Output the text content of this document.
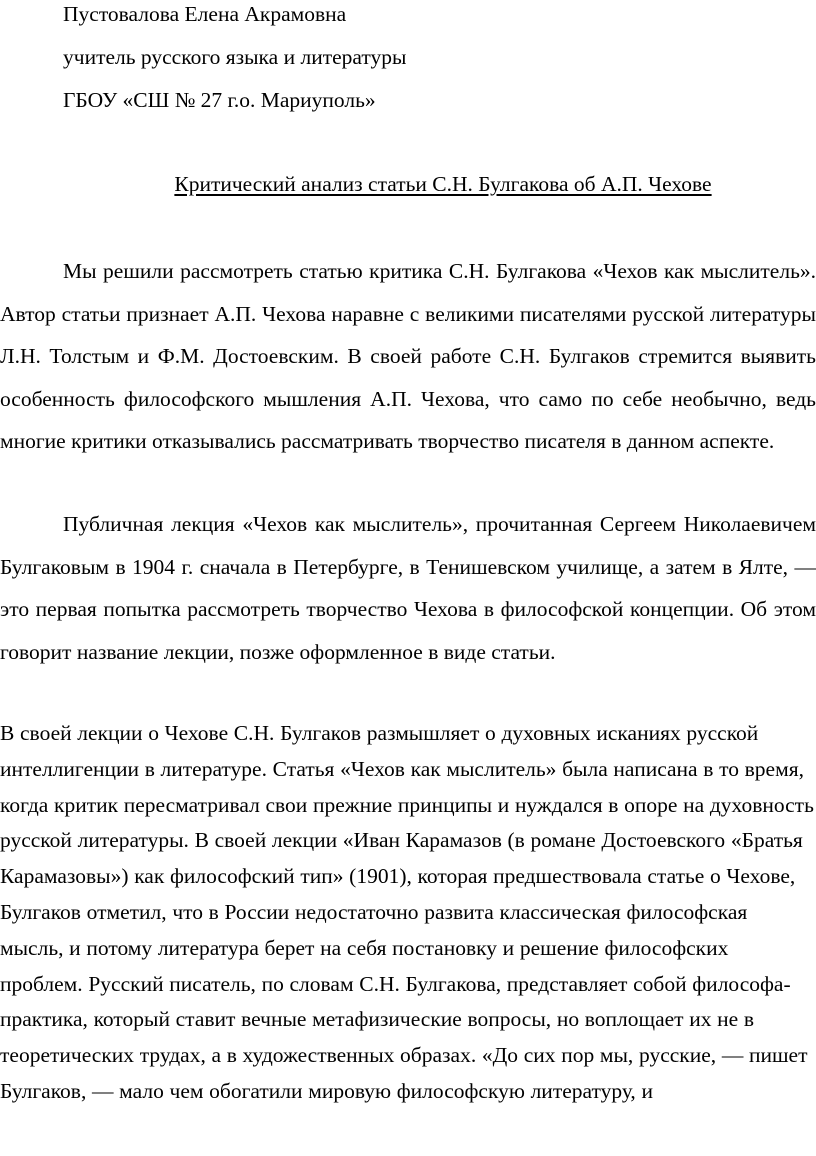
Пустовалова Елена Акрамовна
учитель русского языка и литературы
ГБОУ «СШ № 27 г.о. Мариуполь»
Критический анализ статьи С.Н. Булгакова об А.П. Чехове

Мы решили рассмотреть статью критика С.Н. Булгакова «Чехов как мыслитель». Автор статьи признает А.П. Чехова наравне с великими писателями русской литературы Л.Н. Толстым и Ф.М. Достоевским. В своей работе С.Н. Булгаков стремится выявить особенность философского мышления А.П. Чехова, что само по себе необычно, ведь многие критики отказывались рассматривать творчество писателя в данном аспекте.

Публичная лекция «Чехов как мыслитель», прочитанная Сергеем Николаевичем Булгаковым в 1904 г. сначала в Петербурге, в Тенишевском училище, а затем в Ялте, — это первая попытка рассмотреть творчество Чехова в философской концепции. Об этом говорит название лекции, позже оформленное в виде статьи.

В своей лекции о Чехове С.Н. Булгаков размышляет о духовных исканиях русской интеллигенции в литературе. Статья «Чехов как мыслитель» была написана в то время, когда критик пересматривал свои прежние принципы и нуждался в опоре на духовность русской литературы. В своей лекции «Иван Карамазов (в романе Достоевского «Братья Карамазовы») как философский тип» (1901), которая предшествовала статье о Чехове, Булгаков отметил, что в России недостаточно развита классическая философская мысль, и потому литература берет на себя постановку и решение философских проблем. Русский писатель, по словам С.Н. Булгакова, представляет собой философа-практика, который ставит вечные метафизические вопросы, но воплощает их не в теоретических трудах, а в художественных образах. «До сих пор мы, русские, — пишет Булгаков, — мало чем обогатили мировую философскую литературу, и
